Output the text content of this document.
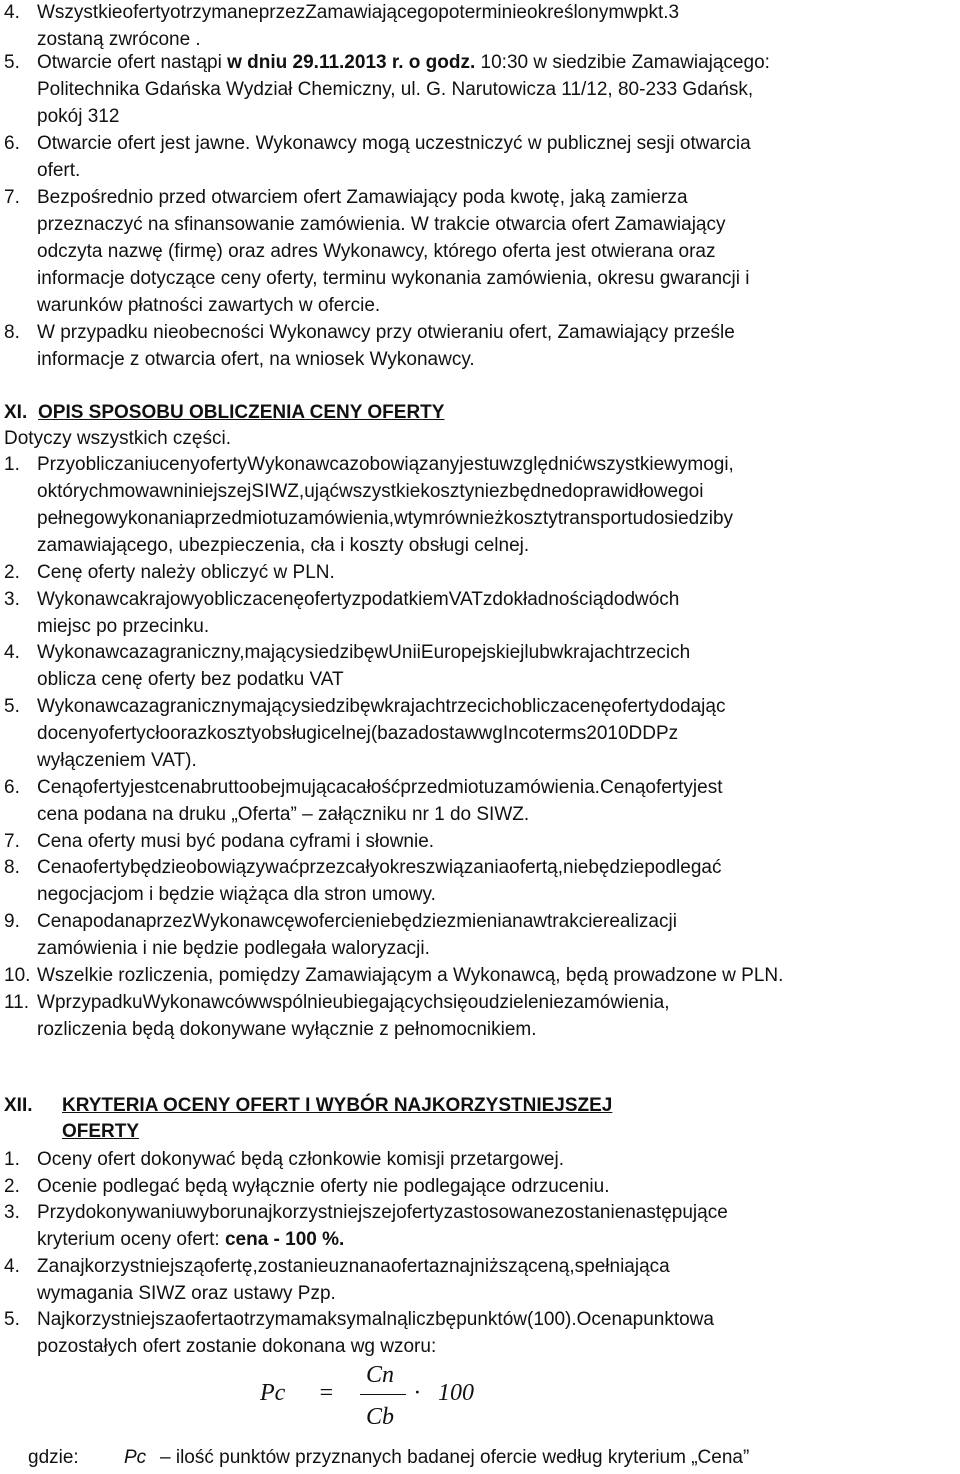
4. Wszystkie oferty otrzymane przez Zamawiającego po terminie określonym w pkt. 3
zostaną zwrócone .
5. Otwarcie ofert nastąpi w dniu 29.11.2013 r. o godz. 10:30 w siedzibie Zamawiającego:
Politechnika Gdańska Wydział Chemiczny, ul. G. Narutowicza 11/12, 80-233 Gdańsk,
pokój 312
6. Otwarcie ofert jest jawne. Wykonawcy mogą uczestniczyć w publicznej sesji otwarcia
ofert.
7. Bezpośrednio przed otwarciem ofert Zamawiający poda kwotę, jaką zamierza
przeznaczyć na sfinansowanie zamówienia. W trakcie otwarcia ofert Zamawiający
odczyta nazwę (firmę) oraz adres Wykonawcy, którego oferta jest otwierana oraz
informacje dotyczące ceny oferty, terminu wykonania zamówienia, okresu gwarancji i
warunków płatności zawartych w ofercie.
8. W przypadku nieobecności Wykonawcy przy otwieraniu ofert, Zamawiający prześle
informacje z otwarcia ofert, na wniosek Wykonawcy.
XI. OPIS SPOSOBU OBLICZENIA CENY OFERTY
Dotyczy wszystkich części.
1. Przy obliczaniu ceny oferty Wykonawca zobowiązany jest uwzględnić wszystkie wymogi,
o których mowa w niniejszej SIWZ, ująć wszystkie koszty niezbędne do prawidłowego i
pełnego wykonania przedmiotu zamówienia, w tym również koszty transportu do siedziby
zamawiającego, ubezpieczenia, cła i koszty obsługi celnej.
2. Cenę oferty należy obliczyć w PLN.
3. Wykonawca krajowy oblicza cenę oferty z podatkiem VAT z dokładnością do dwóch
miejsc po przecinku.
4. Wykonawca zagraniczny, mający siedzibę w Unii Europejskiej lub w krajach trzecich
oblicza cenę oferty bez podatku VAT
5. Wykonawca zagraniczny mający siedzibę w krajach trzecich oblicza cenę oferty dodając
do ceny oferty cło oraz koszty obsługi celnej ( baza dostaw wg Incoterms 2010 DDP z
wyłączeniem VAT).
6. Ceną oferty jest cena brutto obejmująca całość przedmiotu zamówienia. Ceną oferty jest
cena podana na druku „Oferta” – załączniku nr 1 do SIWZ.
7. Cena oferty musi być podana cyframi i słownie.
8. Cena oferty będzie obowiązywać przez cały okres związania ofertą, nie będzie podlegać
negocjacjom i będzie wiążąca dla stron umowy.
9. Cena podana przez Wykonawcę w ofercie nie będzie zmieniana w trakcie realizacji
zamówienia i nie będzie podlegała waloryzacji.
10. Wszelkie rozliczenia, pomiędzy Zamawiającym a Wykonawcą, będą prowadzone w PLN.
11. W przypadku Wykonawców wspólnie ubiegających się o udzielenie zamówienia,
rozliczenia będą dokonywane wyłącznie z pełnomocnikiem.
XII. KRYTERIA OCENY OFERT I WYBÓR NAJKORZYSTNIEJSZEJ
OFERTY
1. Oceny ofert dokonywać będą członkowie komisji przetargowej.
2. Ocenie podlegać będą wyłącznie oferty nie podlegające odrzuceniu.
3. Przy dokonywaniu wyboru najkorzystniejszej oferty zastosowane zostanie następujące
kryterium oceny ofert: cena - 100 %.
4. Za najkorzystniejszą ofertę, zostanie uznana oferta z najniższą ceną, spełniająca
wymagania SIWZ oraz ustawy Pzp.
5. Najkorzystniejsza oferta otrzyma maksymalną liczbę punktów (100). Ocena punktowa
pozostałych ofert zostanie dokonana wg wzoru:
Pc =
Cn
Cb
· 100
gdzie: Pc – ilość punktów przyznanych badanej ofercie według kryterium „Cena”
